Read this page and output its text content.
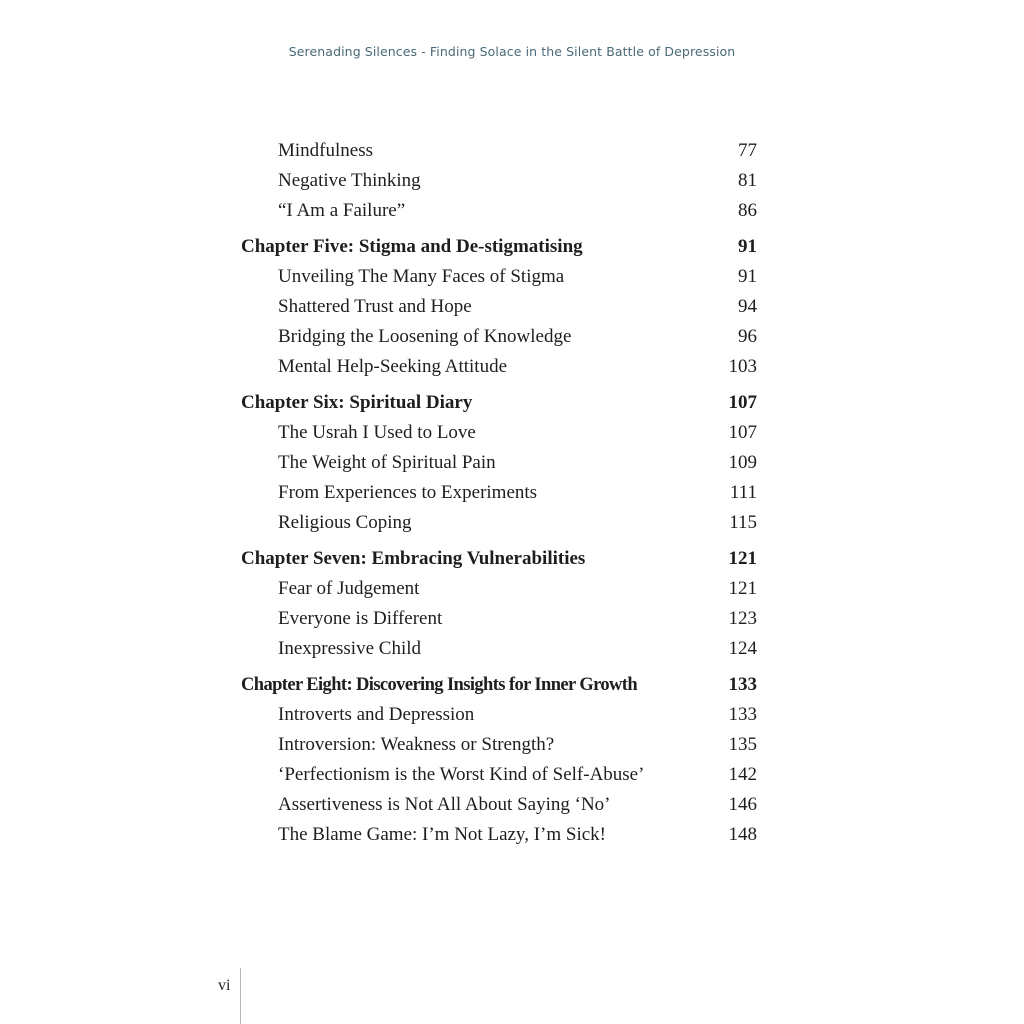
Serenading Silences - Finding Solace in the Silent Battle of Depression
Mindfulness	77
Negative Thinking	81
“I Am a Failure”	86
Chapter Five: Stigma and De-stigmatising	91
Unveiling The Many Faces of Stigma	91
Shattered Trust and Hope	94
Bridging the Loosening of Knowledge	96
Mental Help-Seeking Attitude	103
Chapter Six: Spiritual Diary	107
The Usrah I Used to Love	107
The Weight of Spiritual Pain	109
From Experiences to Experiments	111
Religious Coping	115
Chapter Seven: Embracing Vulnerabilities	121
Fear of Judgement	121
Everyone is Different	123
Inexpressive Child	124
Chapter Eight: Discovering Insights for Inner Growth	133
Introverts and Depression	133
Introversion: Weakness or Strength?	135
‘Perfectionism is the Worst Kind of Self-Abuse’	142
Assertiveness is Not All About Saying ‘No’	146
The Blame Game: I’m Not Lazy, I’m Sick!	148
vi
